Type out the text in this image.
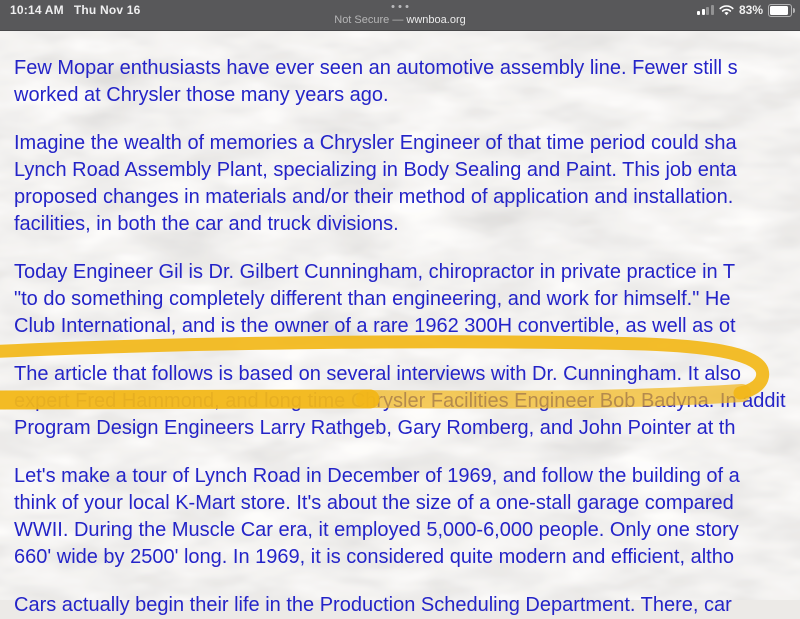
Few Mopar enthusiasts have ever seen an automotive assembly line. Fewer still s
worked at Chrysler those many years ago.
Imagine the wealth of memories a Chrysler Engineer of that time period could sha
Lynch Road Assembly Plant, specializing in Body Sealing and Paint. This job enta
proposed changes in materials and/or their method of application and installation.
facilities, in both the car and truck divisions.
Today Engineer Gil is Dr. Gilbert Cunningham, chiropractor in private practice in T
"to do something completely different than engineering, and work for himself." He
Club International, and is the owner of a rare 1962 300H convertible, as well as ot
The article that follows is based on several interviews with Dr. Cunningham. It also
expert Fred Hammond, and long time Chrysler Facilities Engineer Bob Badyna. In addit
Program Design Engineers Larry Rathgeb, Gary Romberg, and John Pointer at th
Let's make a tour of Lynch Road in December of 1969, and follow the building of a
think of your local K-Mart store. It's about the size of a one-stall garage compared
WWII. During the Muscle Car era, it employed 5,000-6,000 people. Only one story
660' wide by 2500' long. In 1969, it is considered quite modern and efficient, altho
Cars actually begin their life in the Production Scheduling Department. There, car
10:14 AM Thu Nov 16
Not Secure — wwnboa.org
83%
